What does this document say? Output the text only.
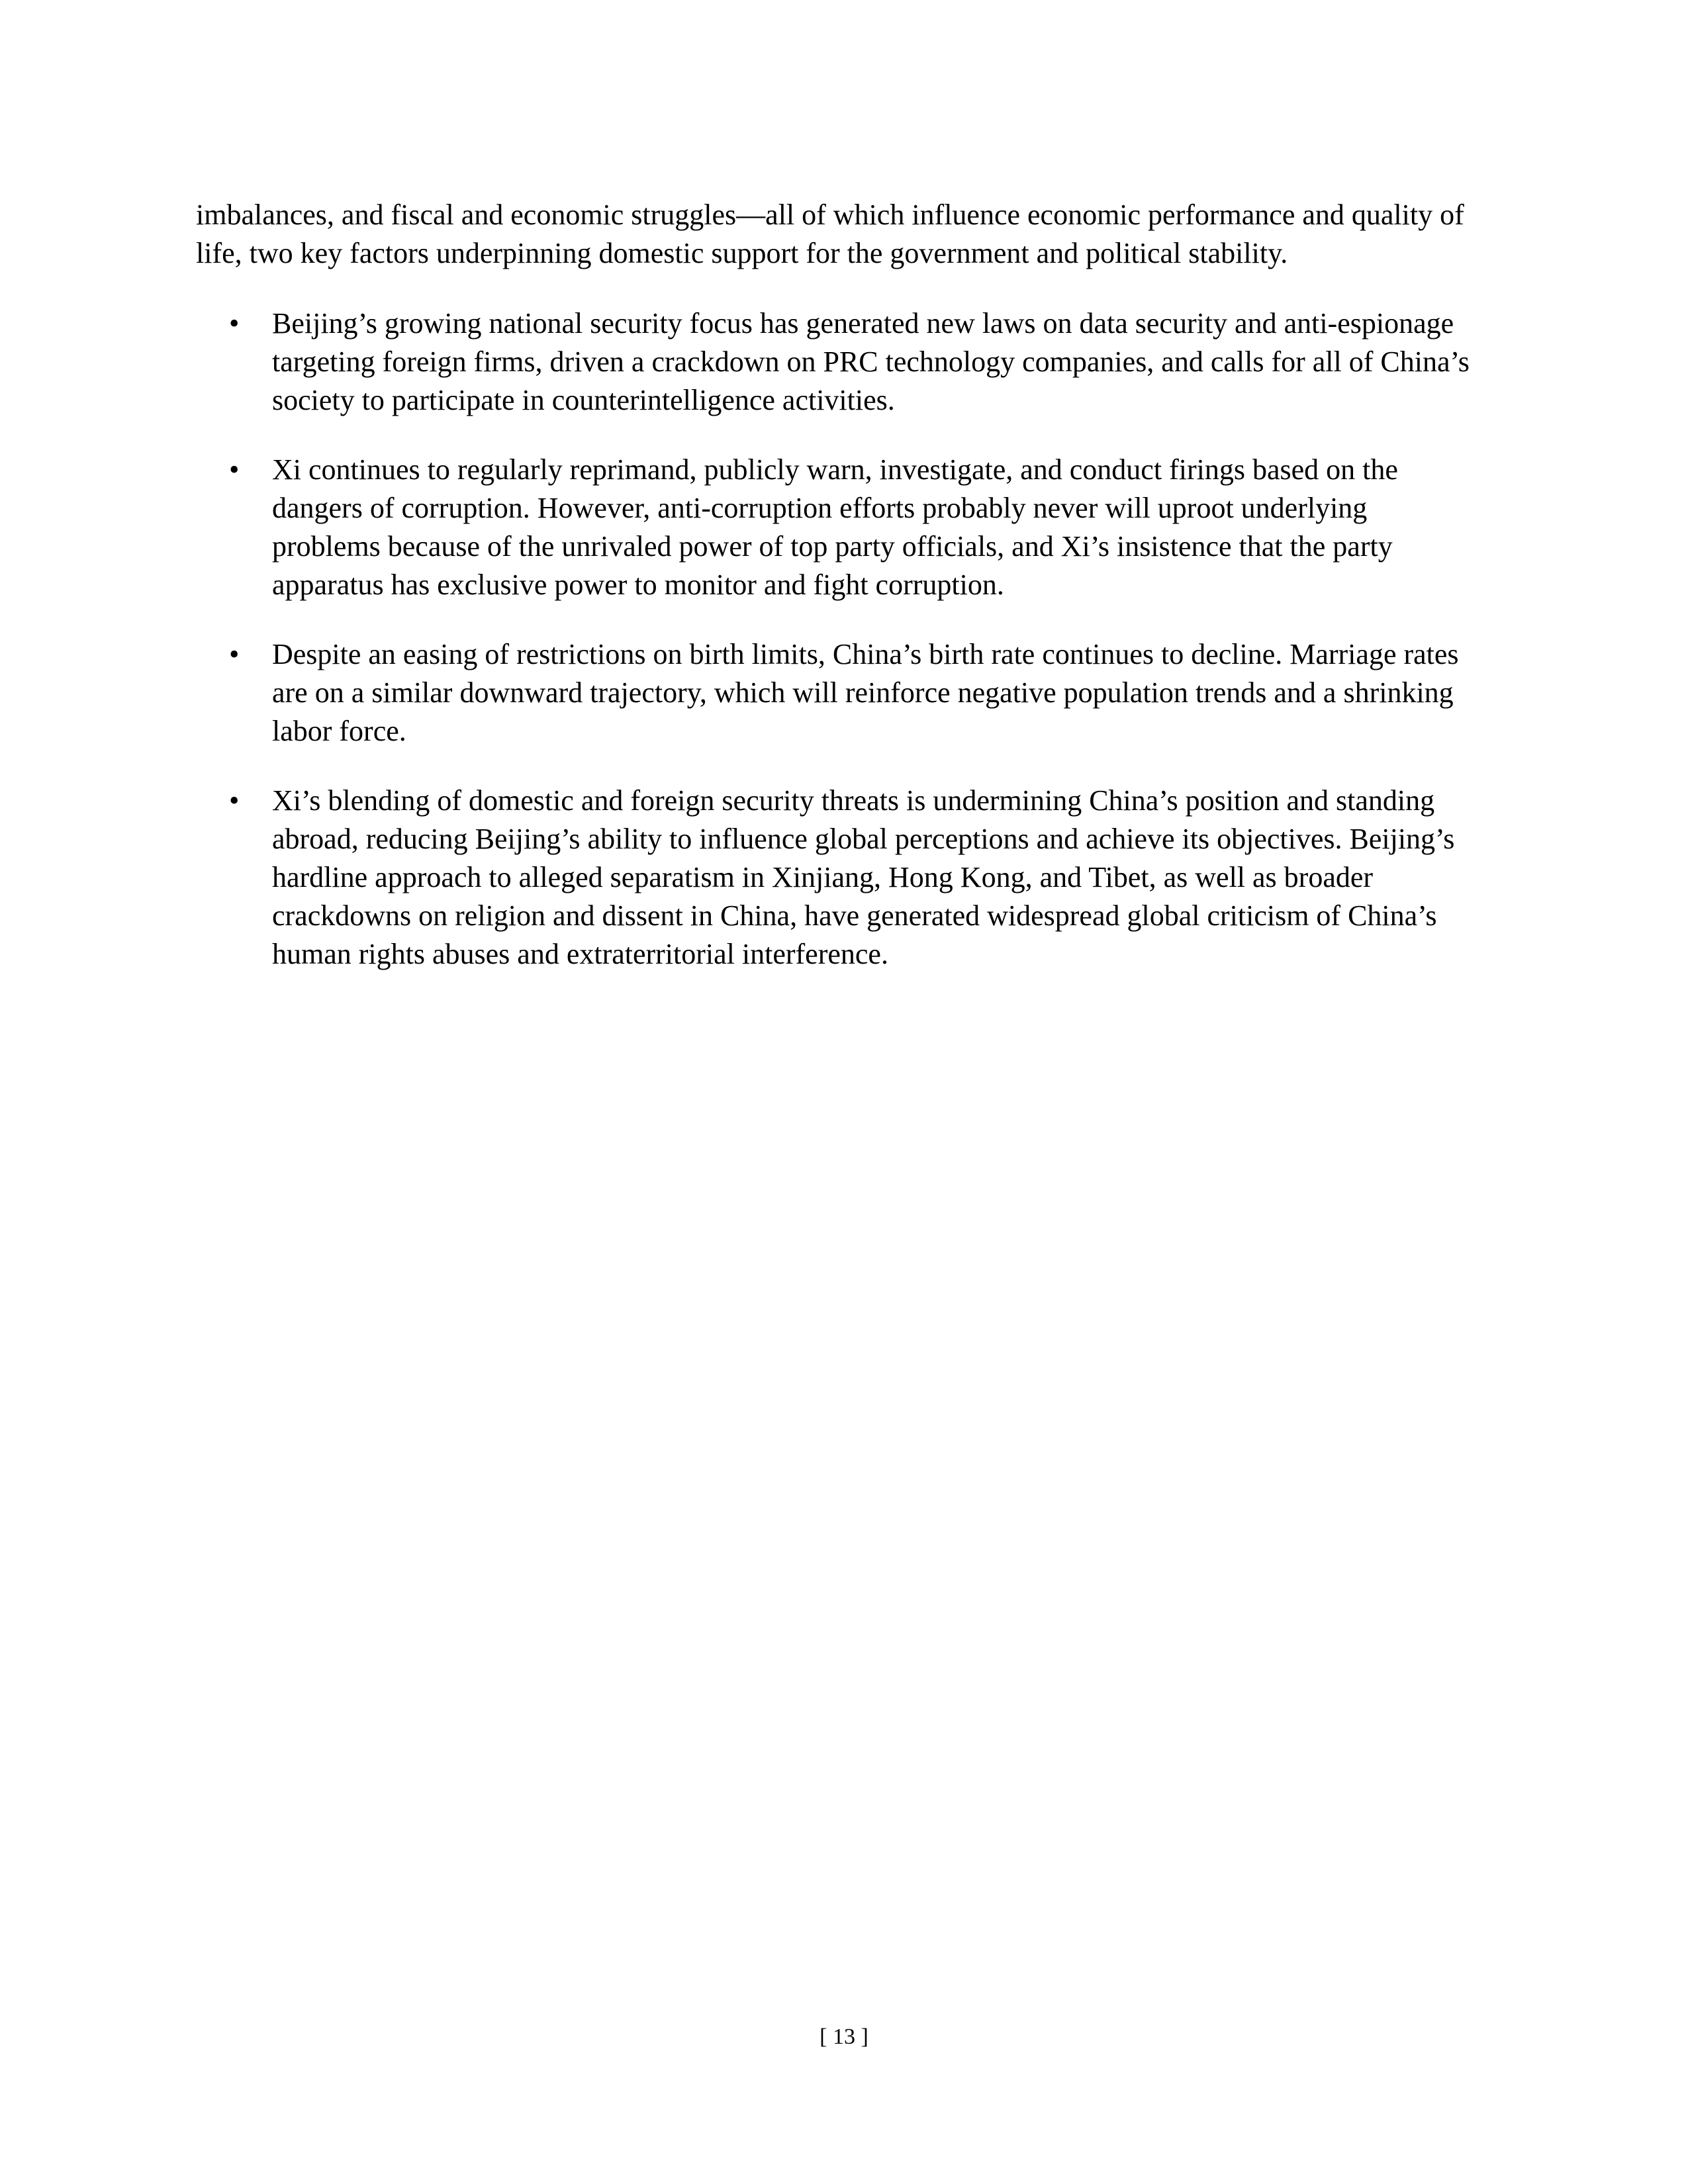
imbalances, and fiscal and economic struggles—all of which influence economic performance and quality of life, two key factors underpinning domestic support for the government and political stability.

•	Beijing’s growing national security focus has generated new laws on data security and anti-espionage targeting foreign firms, driven a crackdown on PRC technology companies, and calls for all of China’s society to participate in counterintelligence activities.
•	Xi continues to regularly reprimand, publicly warn, investigate, and conduct firings based on the dangers of corruption. However, anti-corruption efforts probably never will uproot underlying problems because of the unrivaled power of top party officials, and Xi’s insistence that the party apparatus has exclusive power to monitor and fight corruption.
•	Despite an easing of restrictions on birth limits, China’s birth rate continues to decline. Marriage rates are on a similar downward trajectory, which will reinforce negative population trends and a shrinking labor force.
•	Xi’s blending of domestic and foreign security threats is undermining China’s position and standing abroad, reducing Beijing’s ability to influence global perceptions and achieve its objectives. Beijing’s hardline approach to alleged separatism in Xinjiang, Hong Kong, and Tibet, as well as broader crackdowns on religion and dissent in China, have generated widespread global criticism of China’s human rights abuses and extraterritorial interference.
[ 13 ]
